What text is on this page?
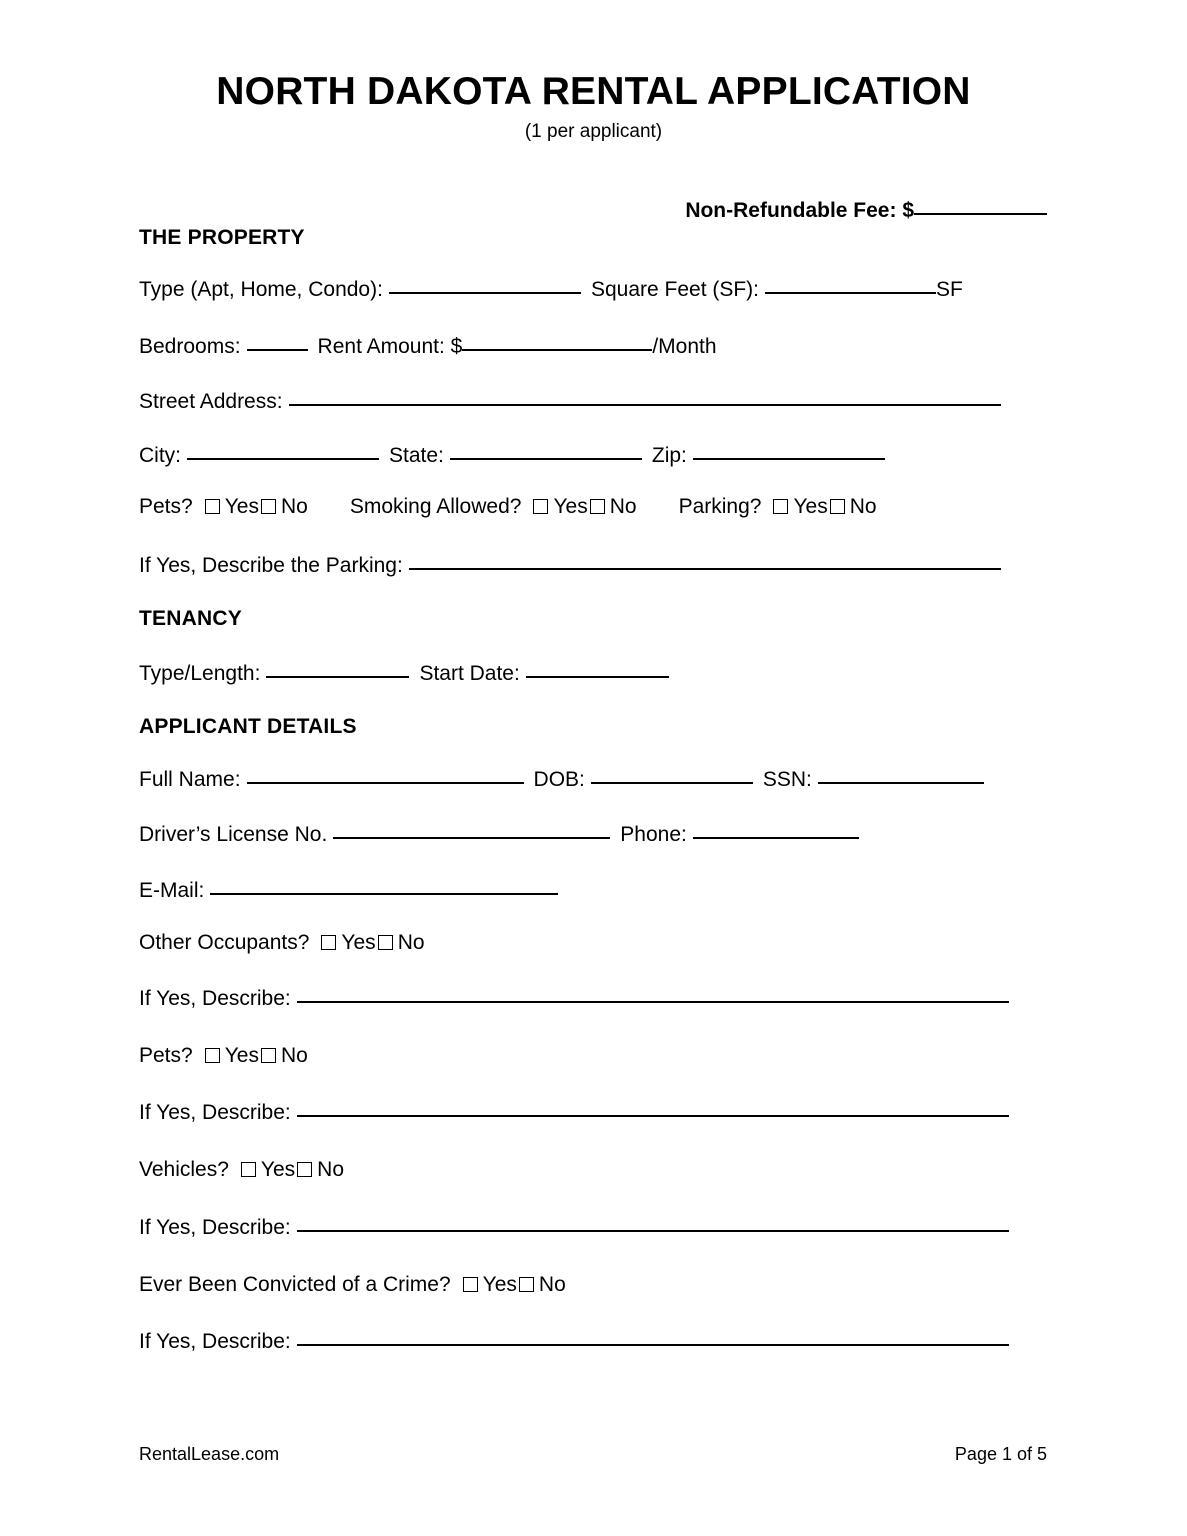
NORTH DAKOTA RENTAL APPLICATION
(1 per applicant)
Non-Refundable Fee: $
THE PROPERTY
Type (Apt, Home, Condo):	Square Feet (SF):	SF
Bedrooms:	Rent Amount: $	/Month
Street Address:
City:	State:	Zip:
Pets? Yes No Smoking Allowed? Yes No Parking? Yes No
If Yes, Describe the Parking:
TENANCY
Type/Length:	Start Date:
APPLICANT DETAILS
Full Name:	DOB:	SSN:
Driver’s License No.	Phone:
E-Mail:
Other Occupants? Yes No
If Yes, Describe:
Pets? Yes No
If Yes, Describe:
Vehicles? Yes No
If Yes, Describe:
Ever Been Convicted of a Crime? Yes No
If Yes, Describe:
RentalLease.com	Page 1 of 5
